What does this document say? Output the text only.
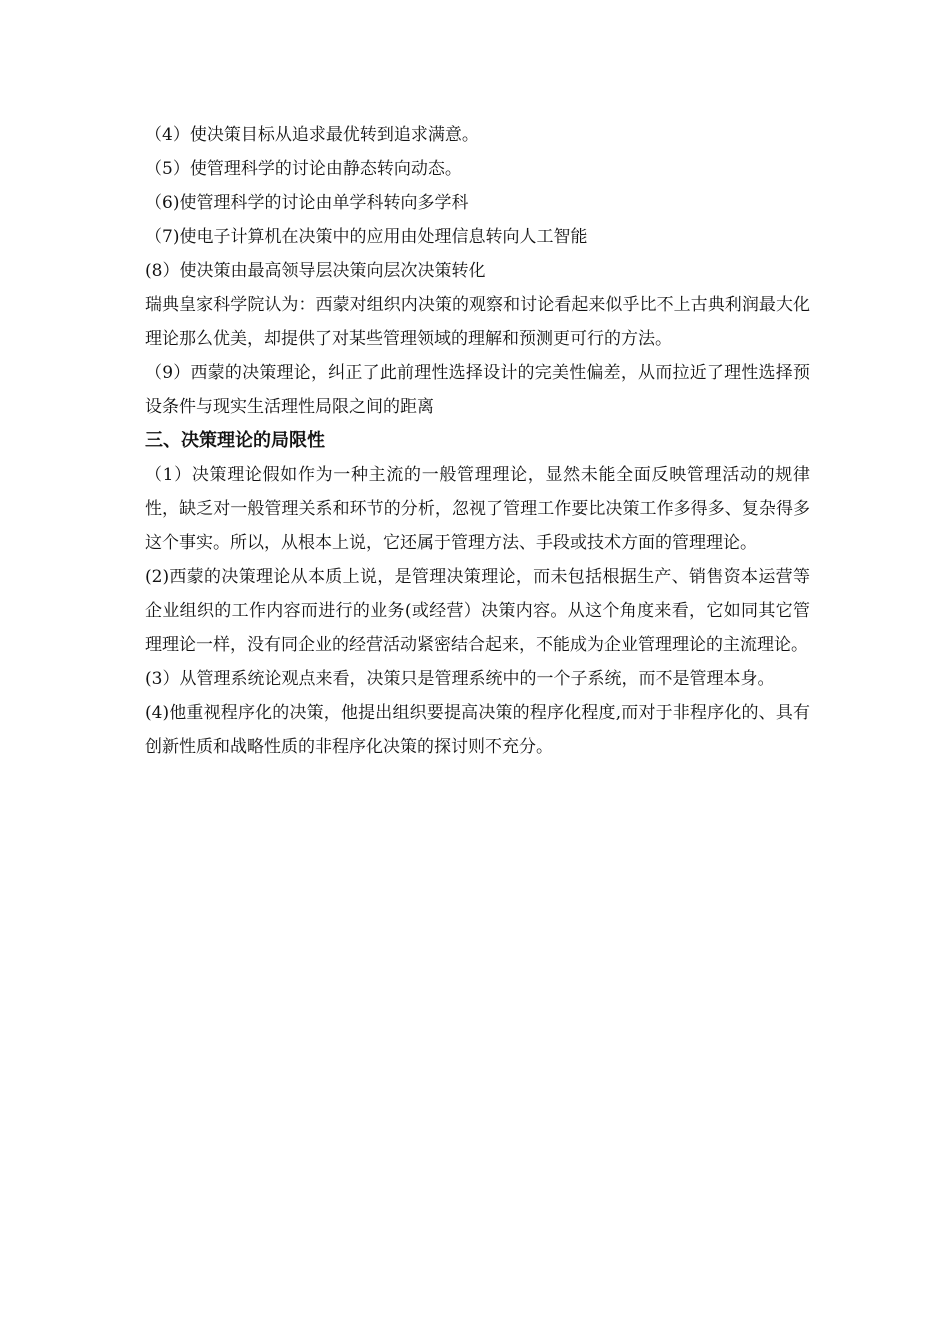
（4）使决策目标从追求最优转到追求满意。

（5）使管理科学的讨论由静态转向动态。

（6)使管理科学的讨论由单学科转向多学科

（7)使电子计算机在决策中的应用由处理信息转向人工智能

(8）使决策由最高领导层决策向层次决策转化

瑞典皇家科学院认为：西蒙对组织内决策的观察和讨论看起来似乎比不上古典利润最大化理论那么优美，却提供了对某些管理领域的理解和预测更可行的方法。

（9）西蒙的决策理论，纠正了此前理性选择设计的完美性偏差，从而拉近了理性选择预设条件与现实生活理性局限之间的距离

三、决策理论的局限性

（1）决策理论假如作为一种主流的一般管理理论，显然未能全面反映管理活动的规律性，缺乏对一般管理关系和环节的分析，忽视了管理工作要比决策工作多得多、复杂得多这个事实。所以，从根本上说，它还属于管理方法、手段或技术方面的管理理论。

(2)西蒙的决策理论从本质上说，是管理决策理论，而未包括根据生产、销售资本运营等企业组织的工作内容而进行的业务(或经营）决策内容。从这个角度来看，它如同其它管理理论一样，没有同企业的经营活动紧密结合起来，不能成为企业管理理论的主流理论。

(3）从管理系统论观点来看，决策只是管理系统中的一个子系统，而不是管理本身。

(4)他重视程序化的决策，他提出组织要提高决策的程序化程度,而对于非程序化的、具有创新性质和战略性质的非程序化决策的探讨则不充分。
